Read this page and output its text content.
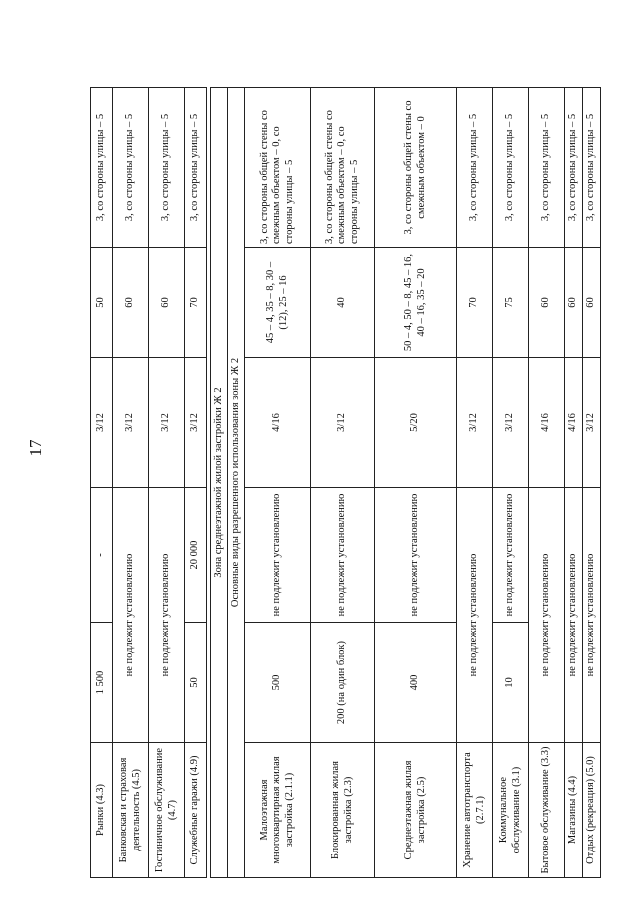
17
Рынки (4.3)	1 500	-	3/12	50	3, со стороны улицы – 5
Банковская и страховая деятельность (4.5)	не подлежит установлению		3/12	60	3, со стороны улицы – 5
Гостиничное обслуживание (4.7)	не подлежит установлению		3/12	60	3, со стороны улицы – 5
Служебные гаражи (4.9)	50	20 000	3/12	70	3, со стороны улицы – 5

Зона среднеэтажной жилой застройки Ж 2					
Основные виды разрешенного использования зоны Ж 2					
Малоэтажная многоквартирная жилая застройка (2.1.1)	500	не подлежит установлению	4/16	45 – 4, 35 – 8, 30 – (12), 25 – 16	3, со стороны общей стены со смежным объектом – 0, со стороны улицы – 5
Блокированная жилая застройка (2.3)	200 (на один блок)	не подлежит установлению	3/12	40	3, со стороны общей стены со смежным объектом – 0, со стороны улицы – 5
Среднеэтажная жилая застройка (2.5)	400	не подлежит установлению	5/20	50 – 4, 50 – 8, 45 – 16, 40 – 16, 35 – 20	3, со стороны общей стены со смежным объектом – 0
Хранение автотранспорта (2.7.1)	не подлежит установлению		3/12	70	3, со стороны улицы – 5
Коммунальное обслуживание (3.1)	10	не подлежит установлению	3/12	75	3, со стороны улицы – 5
Бытовое обслуживание (3.3)	не подлежит установлению		4/16	60	3, со стороны улицы – 5
Магазины (4.4)	не подлежит установлению		4/16	60	3, со стороны улицы – 5
Отдых (рекреация) (5.0)	не подлежит установлению		3/12	60	3, со стороны улицы – 5
